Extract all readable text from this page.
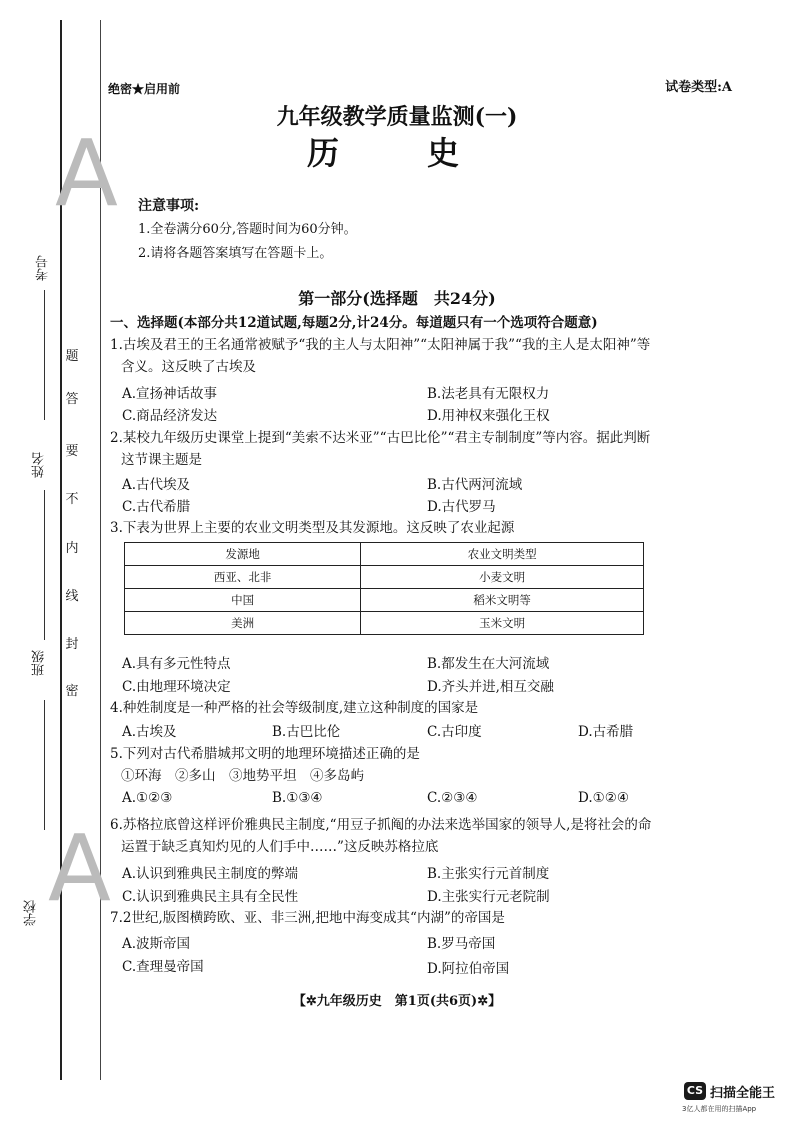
A
A
考号
姓名
班级
学校
题
答
要
不
内
线
封
密
绝密★启用前	试卷类型:A
九年级教学质量监测(一)
历　史
注意事项:
1.全卷满分60分,答题时间为60分钟。
2.请将各题答案填写在答题卡上。
第一部分(选择题　共24分)
一、选择题(本部分共12道试题,每题2分,计24分。每道题只有一个选项符合题意)
1.古埃及君王的王名通常被赋予“我的主人与太阳神”“太阳神属于我”“我的主人是太阳神”等
含义。这反映了古埃及
A.宣扬神话故事	B.法老具有无限权力
C.商品经济发达	D.用神权来强化王权
2.某校九年级历史课堂上提到“美索不达米亚”“古巴比伦”“君主专制制度”等内容。据此判断
这节课主题是
A.古代埃及	B.古代两河流域
C.古代希腊	D.古代罗马
3.下表为世界上主要的农业文明类型及其发源地。这反映了农业起源
发源地	农业文明类型
西亚、北非	小麦文明
中国	稻米文明等
美洲	玉米文明
A.具有多元性特点	B.都发生在大河流域
C.由地理环境决定	D.齐头并进,相互交融
4.种姓制度是一种严格的社会等级制度,建立这种制度的国家是
A.古埃及	B.古巴比伦	C.古印度	D.古希腊
5.下列对古代希腊城邦文明的地理环境描述正确的是
①环海　②多山　③地势平坦　④多岛屿
A.①②③	B.①③④	C.②③④	D.①②④
6.苏格拉底曾这样评价雅典民主制度,“用豆子抓阄的办法来选举国家的领导人,是将社会的命
运置于缺乏真知灼见的人们手中……”这反映苏格拉底
A.认识到雅典民主制度的弊端	B.主张实行元首制度
C.认识到雅典民主具有全民性	D.主张实行元老院制
7.2世纪,版图横跨欧、亚、非三洲,把地中海变成其“内湖”的帝国是
A.波斯帝国	B.罗马帝国
C.查理曼帝国	D.阿拉伯帝国
【✲九年级历史　第1页(共6页)✲】
CS 扫描全能王
3亿人都在用的扫描App
